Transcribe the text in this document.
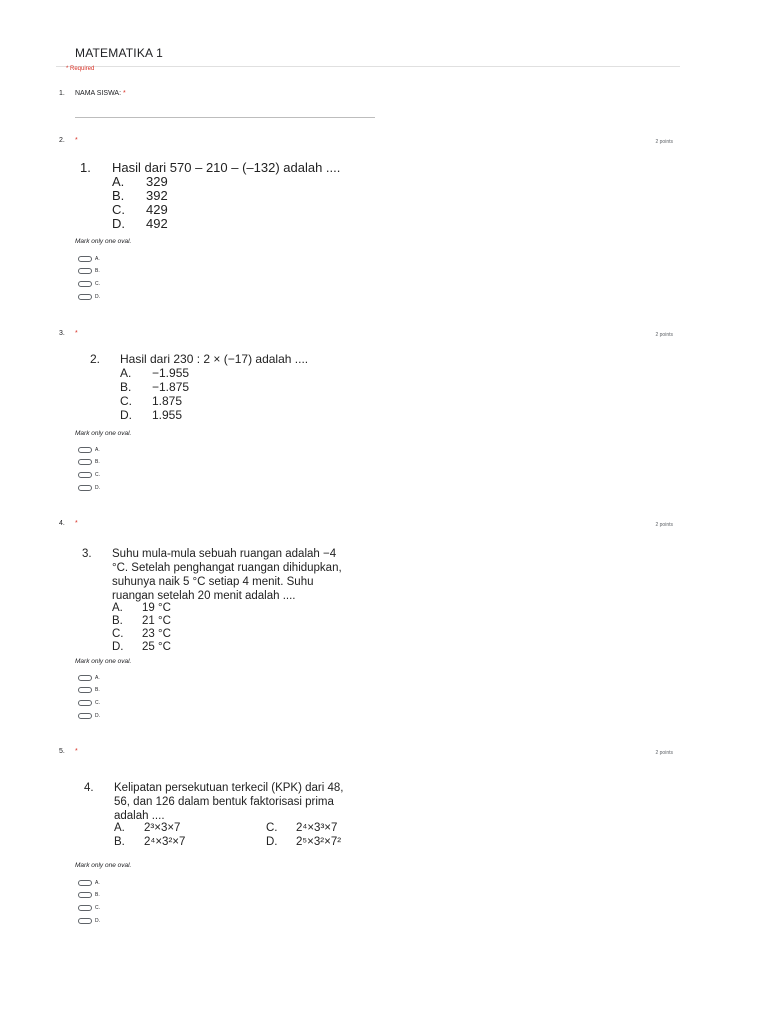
MATEMATIKA 1
* Required
1. NAMA SISWA: *
2. *	2 points
1. Hasil dari 570 – 210 – (–132) adalah ....
A. 329
B. 392
C. 429
D. 492
Mark only one oval.
A.
B.
C.
D.
3. *	2 points
2. Hasil dari 230 : 2 × (−17) adalah ....
A. −1.955
B. −1.875
C. 1.875
D. 1.955
Mark only one oval.
A.
B.
C.
D.
4. *	2 points
3. Suhu mula-mula sebuah ruangan adalah −4
°C. Setelah penghangat ruangan dihidupkan,
suhunya naik 5 °C setiap 4 menit. Suhu
ruangan setelah 20 menit adalah ....
A. 19 °C
B. 21 °C
C. 23 °C
D. 25 °C
Mark only one oval.
A.
B.
C.
D.
5. *	2 points
4. Kelipatan persekutuan terkecil (KPK) dari 48,
56, dan 126 dalam bentuk faktorisasi prima
adalah ....
A. 2³×3×7	C. 2⁴×3³×7
B. 2⁴×3²×7	D. 2⁵×3²×7²
Mark only one oval.
A.
B.
C.
D.
